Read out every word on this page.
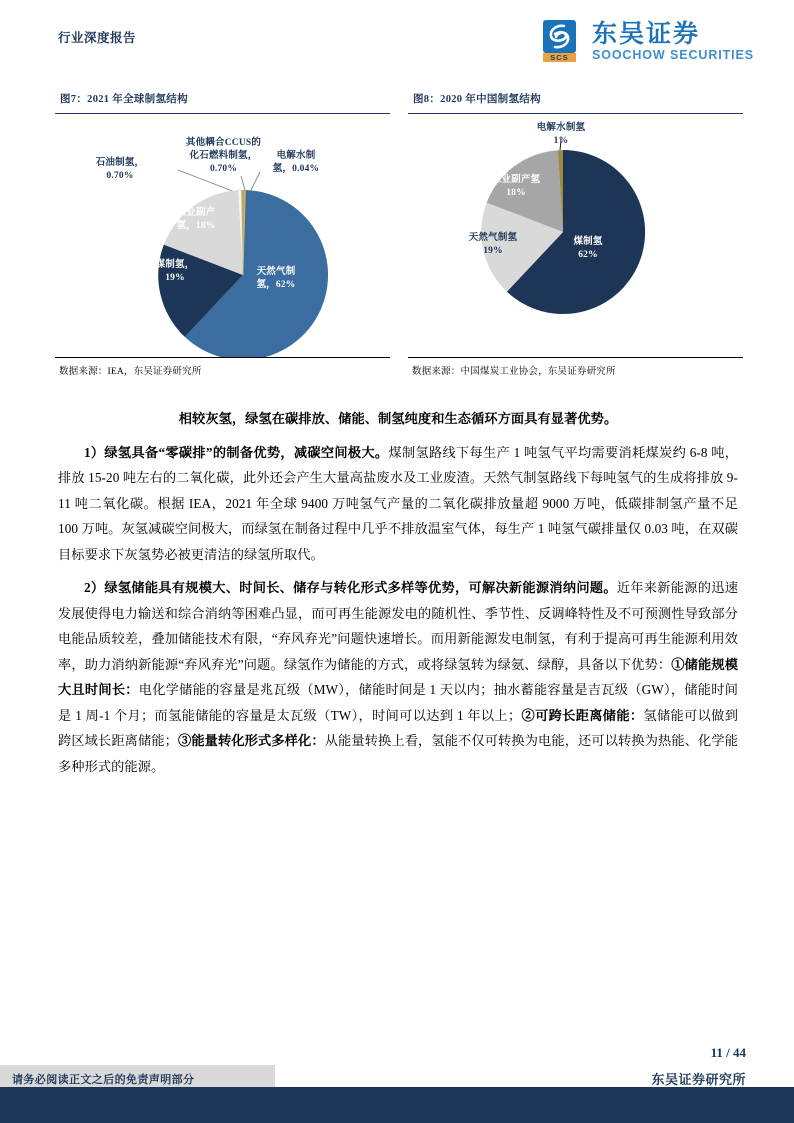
行业深度报告
SCS
东吴证券
SOOCHOW SECURITIES
图7：2021 年全球制氢结构
其他耦合CCUS的
化石燃料制氢，
0.70%
电解水制
氢，0.04%
石油制氢，
0.70%
工业副产
氢，18%
煤制氢，
19%
天然气制
氢，62%
数据来源：IEA，东吴证券研究所
图8：2020 年中国制氢结构
电解水制氢
1%
工业副产氢
18%
天然气制氢
19%
煤制氢
62%
数据来源：中国煤炭工业协会，东吴证券研究所

相较灰氢，绿氢在碳排放、储能、制氢纯度和生态循环方面具有显著优势。

1）绿氢具备“零碳排”的制备优势，减碳空间极大。煤制氢路线下每生产 1 吨氢气平均需要消耗煤炭约 6-8 吨，排放 15-20 吨左右的二氧化碳，此外还会产生大量高盐废水及工业废渣。天然气制氢路线下每吨氢气的生成将排放 9-11 吨二氧化碳。根据 IEA，2021 年全球 9400 万吨氢气产量的二氧化碳排放量超 9000 万吨，低碳排制氢产量不足 100 万吨。灰氢减碳空间极大，而绿氢在制备过程中几乎不排放温室气体，每生产 1 吨氢气碳排量仅 0.03 吨，在双碳目标要求下灰氢势必被更清洁的绿氢所取代。

2）绿氢储能具有规模大、时间长、储存与转化形式多样等优势，可解决新能源消纳问题。近年来新能源的迅速发展使得电力输送和综合消纳等困难凸显，而可再生能源发电的随机性、季节性、反调峰特性及不可预测性导致部分电能品质较差，叠加储能技术有限，“弃风弃光”问题快速增长。而用新能源发电制氢，有利于提高可再生能源利用效率，助力消纳新能源“弃风弃光”问题。绿氢作为储能的方式，或将绿氢转为绿氨、绿醇，具备以下优势：①储能规模大且时间长：电化学储能的容量是兆瓦级（MW），储能时间是 1 天以内；抽水蓄能容量是吉瓦级（GW），储能时间是 1 周-1 个月；而氢能储能的容量是太瓦级（TW），时间可以达到 1 年以上；②可跨长距离储能：氢储能可以做到跨区域长距离储能；③能量转化形式多样化：从能量转换上看，氢能不仅可转换为电能，还可以转换为热能、化学能多种形式的能源。

11 / 44
东吴证券研究所
请务必阅读正文之后的免责声明部分
